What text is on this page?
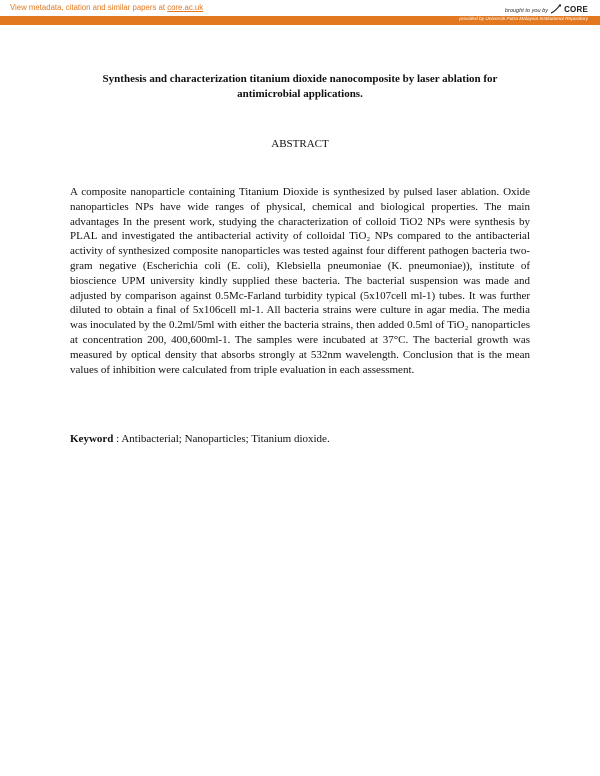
View metadata, citation and similar papers at core.ac.uk	brought to you by CORE
provided by Universiti Putra Malaysia Institutional Repository
Synthesis and characterization titanium dioxide nanocomposite by laser ablation for antimicrobial applications.
ABSTRACT
A composite nanoparticle containing Titanium Dioxide is synthesized by pulsed laser ablation. Oxide nanoparticles NPs have wide ranges of physical, chemical and biological properties. The main advantages In the present work, studying the characterization of colloid TiO2 NPs were synthesis by PLAL and investigated the antibacterial activity of colloidal TiO₂ NPs compared to the antibacterial activity of synthesized composite nanoparticles was tested against four different pathogen bacteria two-gram negative (Escherichia coli (E. coli), Klebsiella pneumoniae (K. pneumoniae)), institute of bioscience UPM university kindly supplied these bacteria. The bacterial suspension was made and adjusted by comparison against 0.5Mc-Farland turbidity typical (5x107cell ml-1) tubes. It was further diluted to obtain a final of 5x106cell ml-1. All bacteria strains were culture in agar media. The media was inoculated by the 0.2ml/5ml with either the bacteria strains, then added 0.5ml of TiO₂ nanoparticles at concentration 200, 400,600ml-1. The samples were incubated at 37°C. The bacterial growth was measured by optical density that absorbs strongly at 532nm wavelength. Conclusion that is the mean values of inhibition were calculated from triple evaluation in each assessment.
Keyword : Antibacterial; Nanoparticles; Titanium dioxide.
